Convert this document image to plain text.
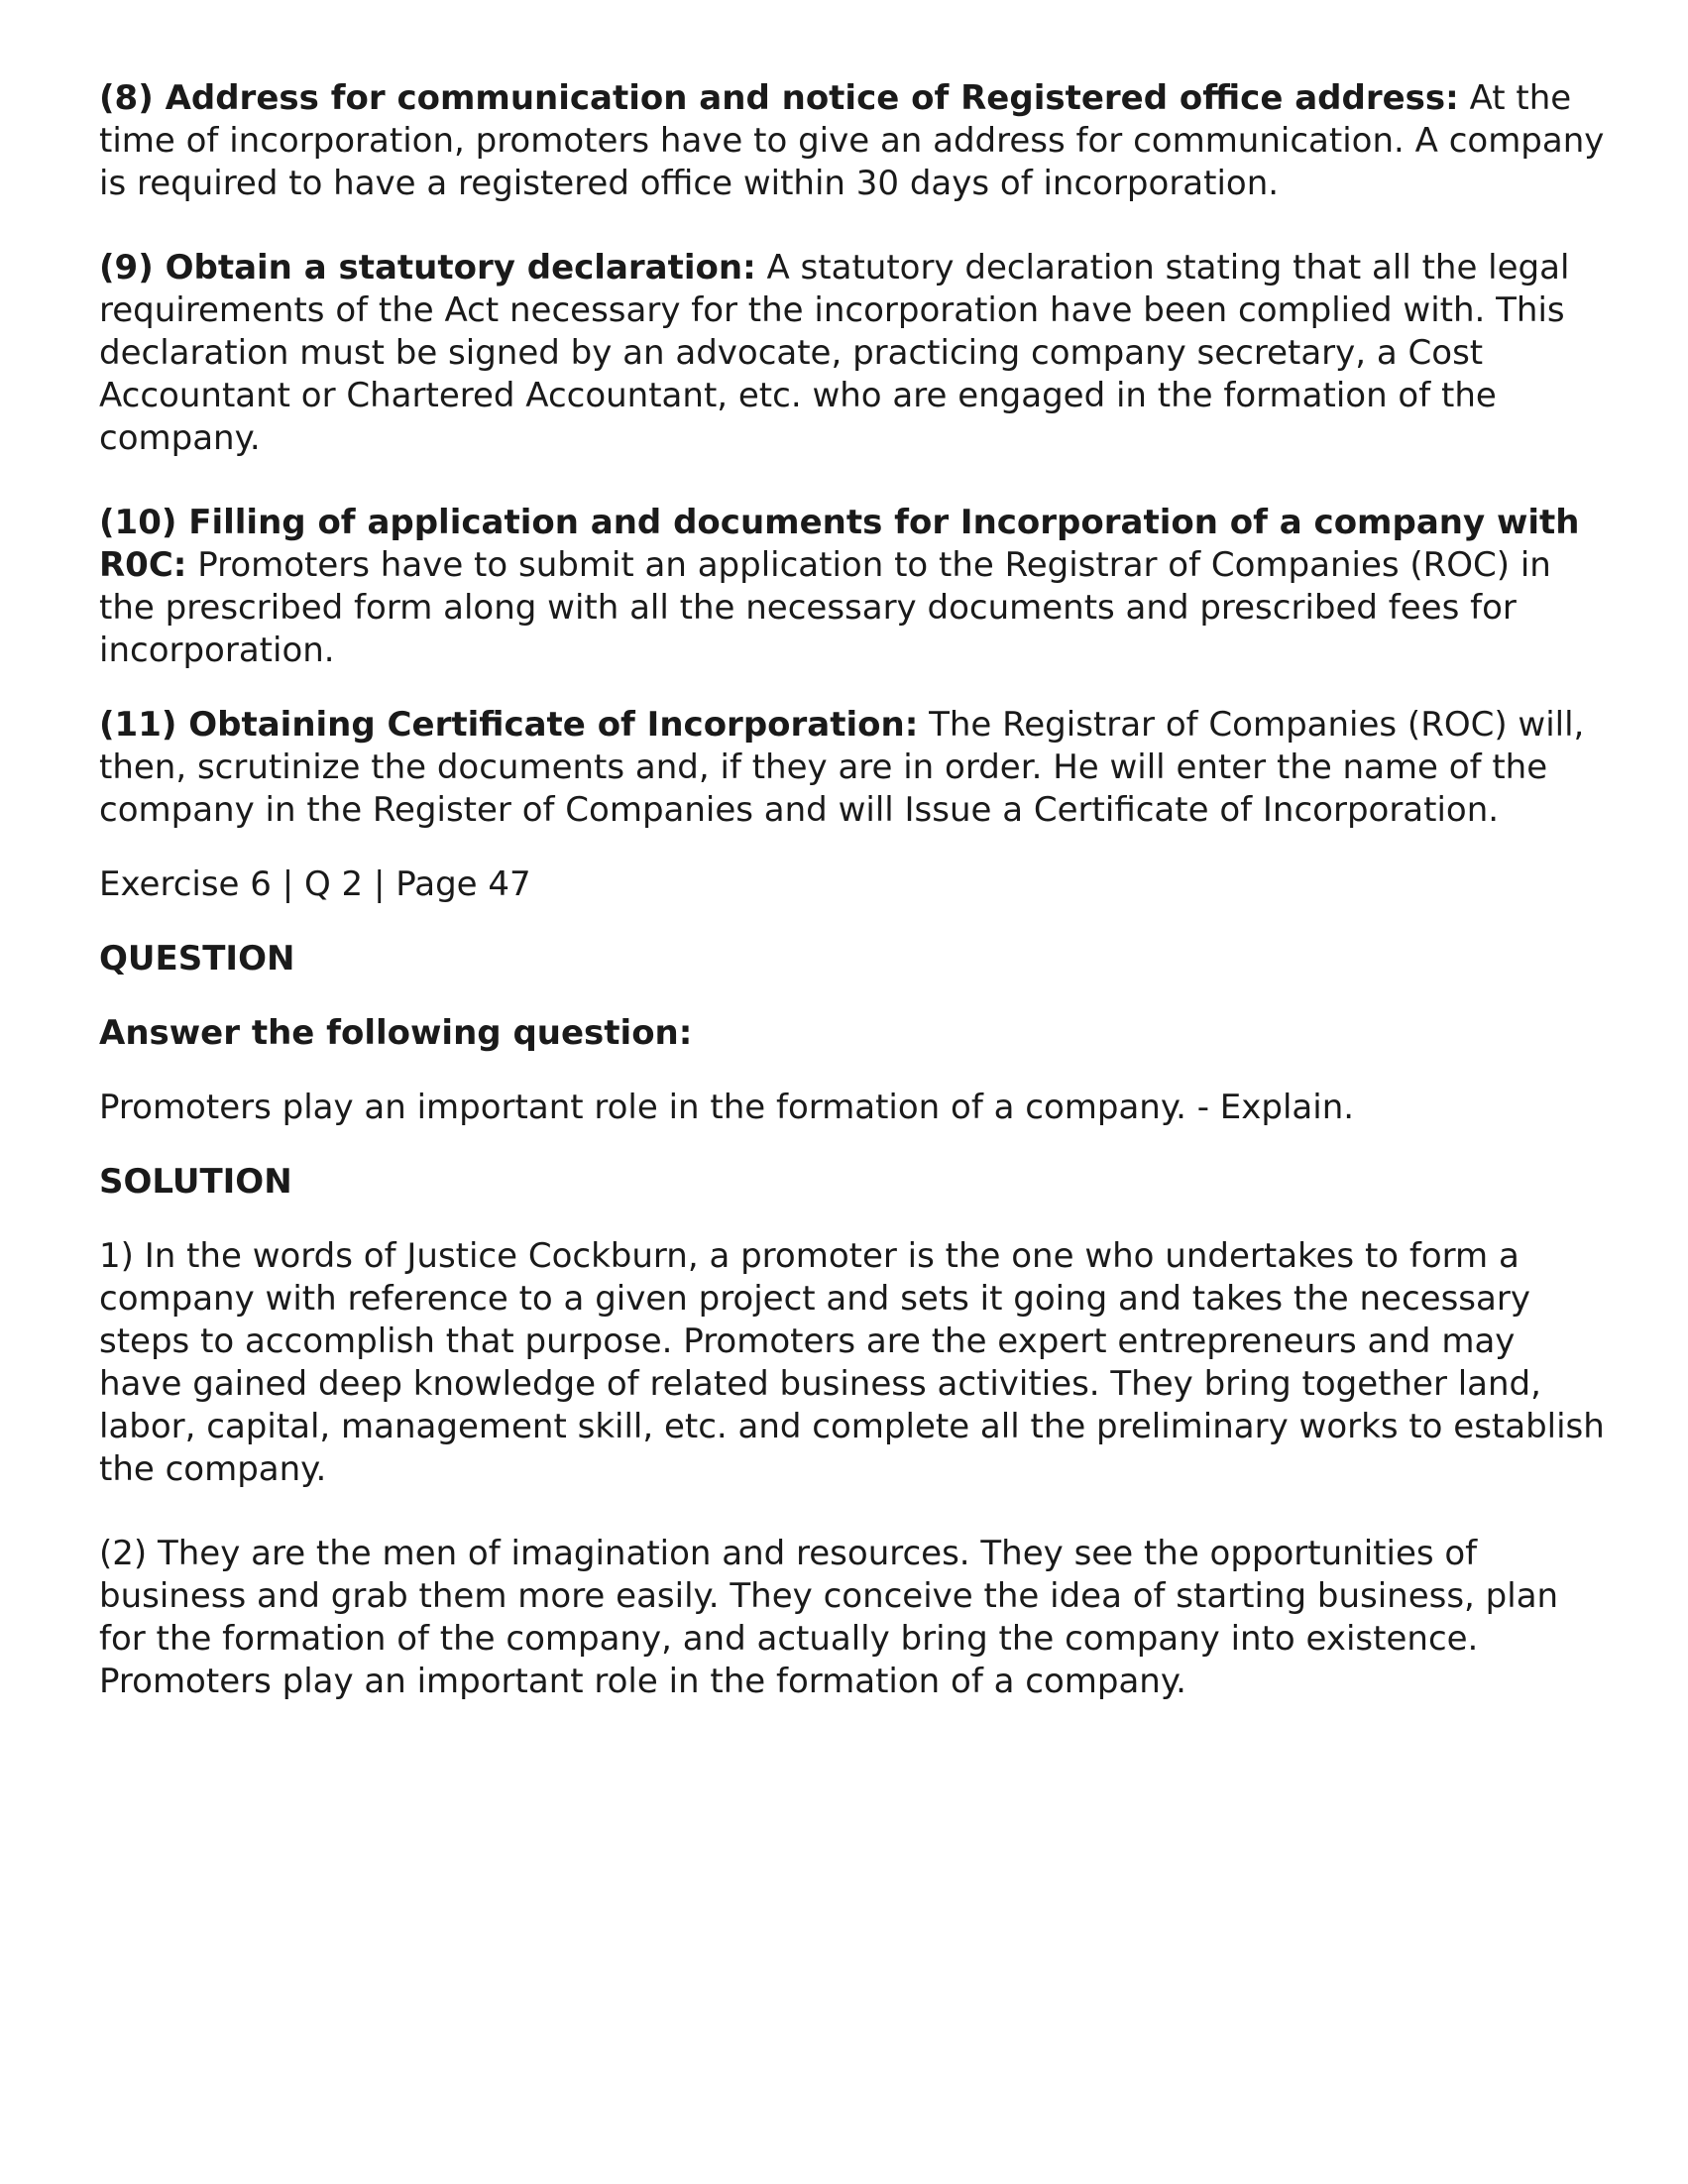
(8) Address for communication and notice of Registered office address: At the time of incorporation, promoters have to give an address for communication. A company is required to have a registered office within 30 days of incorporation.

(9) Obtain a statutory declaration: A statutory declaration stating that all the legal requirements of the Act necessary for the incorporation have been complied with. This declaration must be signed by an advocate, practicing company secretary, a Cost Accountant or Chartered Accountant, etc. who are engaged in the formation of the company.

(10) Filling of application and documents for Incorporation of a company with R0C: Promoters have to submit an application to the Registrar of Companies (ROC) in the prescribed form along with all the necessary documents and prescribed fees for incorporation.

(11) Obtaining Certificate of Incorporation: The Registrar of Companies (ROC) will, then, scrutinize the documents and, if they are in order. He will enter the name of the company in the Register of Companies and will Issue a Certificate of Incorporation.

Exercise 6 | Q 2 | Page 47

QUESTION

Answer the following question:

Promoters play an important role in the formation of a company. - Explain.

SOLUTION

1) In the words of Justice Cockburn, a promoter is the one who undertakes to form a company with reference to a given project and sets it going and takes the necessary steps to accomplish that purpose. Promoters are the expert entrepreneurs and may have gained deep knowledge of related business activities. They bring together land, labor, capital, management skill, etc. and complete all the preliminary works to establish the company.

(2) They are the men of imagination and resources. They see the opportunities of business and grab them more easily. They conceive the idea of starting business, plan for the formation of the company, and actually bring the company into existence. Promoters play an important role in the formation of a company.
